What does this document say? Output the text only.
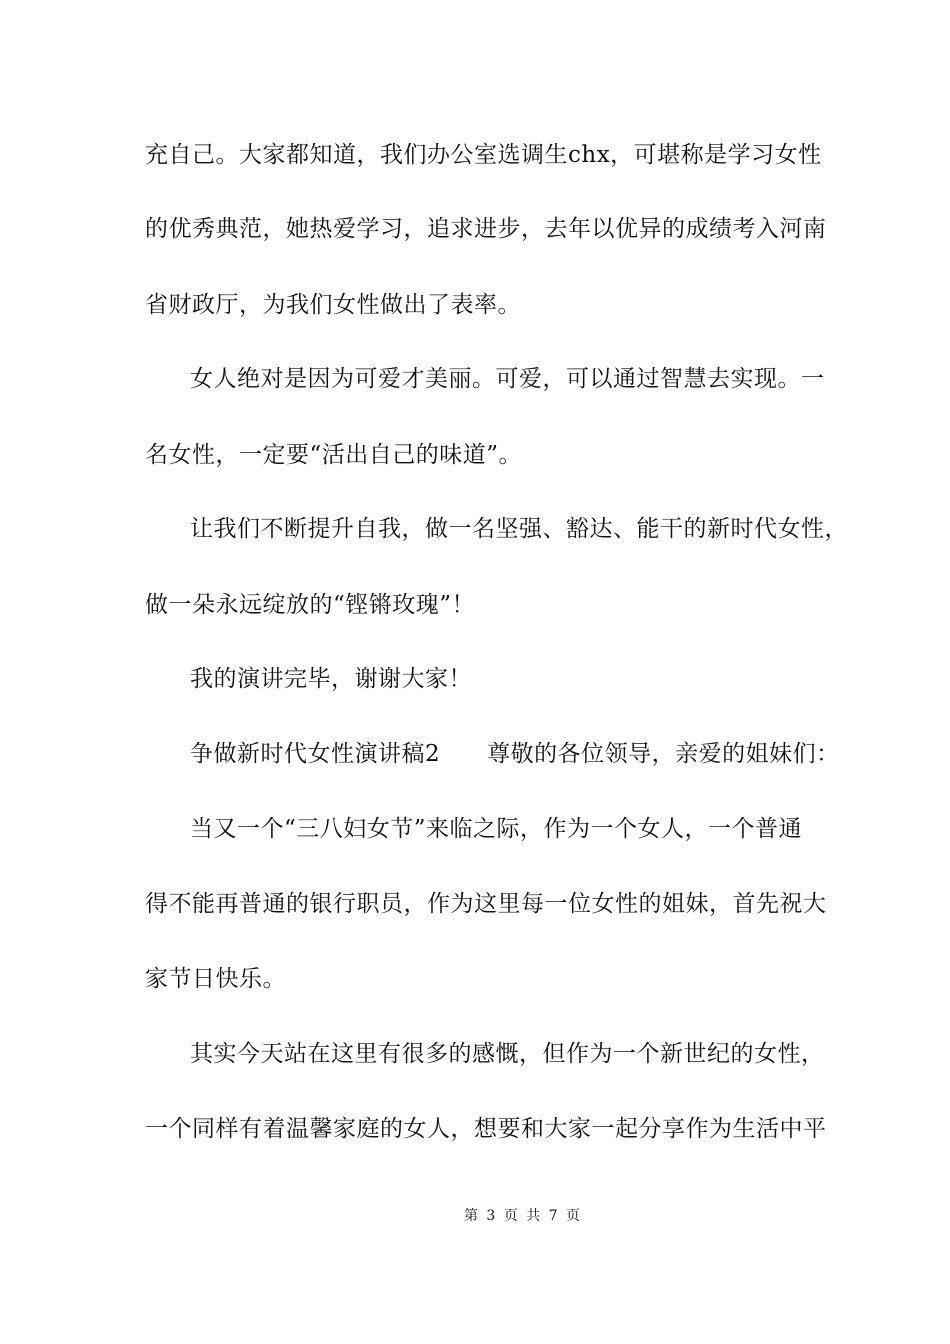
充自己。大家都知道，我们办公室选调生chx，可堪称是学习女性
的优秀典范，她热爱学习，追求进步，去年以优异的成绩考入河南
省财政厅，为我们女性做出了表率。
女人绝对是因为可爱才美丽。可爱，可以通过智慧去实现。一
名女性，一定要“活出自己的味道”。
让我们不断提升自我，做一名坚强、豁达、能干的新时代女性，
做一朵永远绽放的“铿锵玫瑰”！
我的演讲完毕，谢谢大家！
争做新时代女性演讲稿2　　尊敬的各位领导，亲爱的姐妹们：
当又一个“三八妇女节”来临之际，作为一个女人，一个普通
得不能再普通的银行职员，作为这里每一位女性的姐妹，首先祝大
家节日快乐。
其实今天站在这里有很多的感慨，但作为一个新世纪的女性，
一个同样有着温馨家庭的女人，想要和大家一起分享作为生活中平
第 3 页 共 7 页
